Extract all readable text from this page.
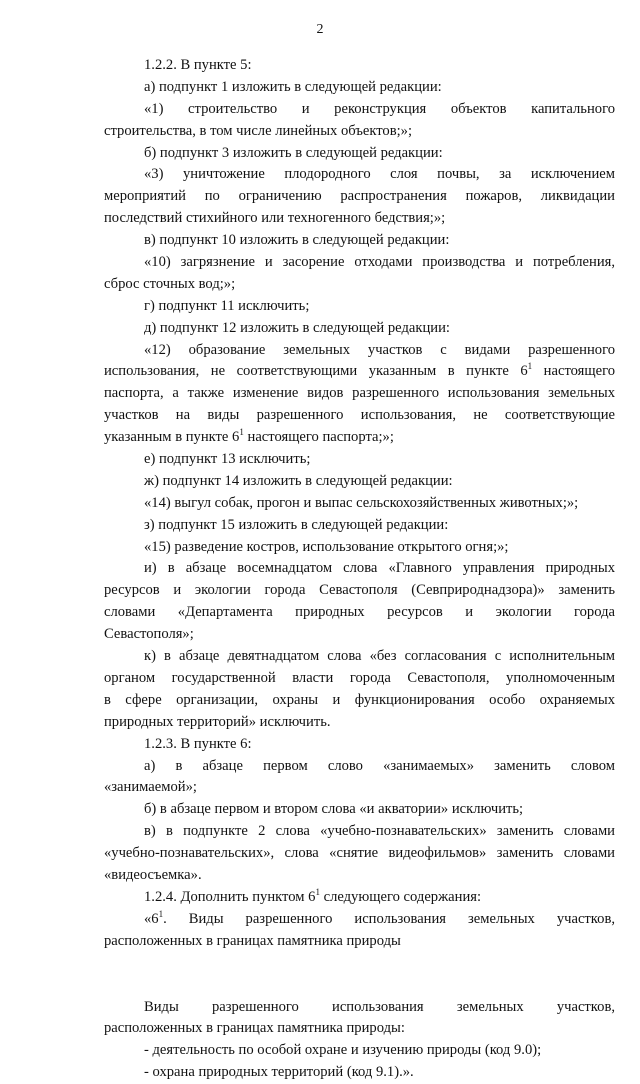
2
1.2.2. В пункте 5:
а) подпункт 1 изложить в следующей редакции:
«1) строительство и реконструкция объектов капитального
строительства, в том числе линейных объектов;»;
б) подпункт 3 изложить в следующей редакции:
«3) уничтожение плодородного слоя почвы, за исключением
мероприятий по ограничению распространения пожаров, ликвидации
последствий стихийного или техногенного бедствия;»;
в) подпункт 10 изложить в следующей редакции:
«10) загрязнение и засорение отходами производства и потребления,
сброс сточных вод;»;
г) подпункт 11 исключить;
д) подпункт 12 изложить в следующей редакции:
«12) образование земельных участков с видами разрешенного
использования, не соответствующими указанным в пункте $6^1$ настоящего
паспорта, а также изменение видов разрешенного использования земельных
участков на виды разрешенного использования, не соответствующие
указанным в пункте $6^1$ настоящего паспорта;»;
е) подпункт 13 исключить;
ж) подпункт 14 изложить в следующей редакции:
«14) выгул собак, прогон и выпас сельскохозяйственных животных;»;
з) подпункт 15 изложить в следующей редакции:
«15) разведение костров, использование открытого огня;»;
и) в абзаце восемнадцатом слова «Главного управления природных
ресурсов и экологии города Севастополя (Севприроднадзора)» заменить
словами «Департамента природных ресурсов и экологии города
Севастополя»;
к) в абзаце девятнадцатом слова «без согласования с исполнительным
органом государственной власти города Севастополя, уполномоченным
в сфере организации, охраны и функционирования особо охраняемых
природных территорий» исключить.
1.2.3. В пункте 6:
а) в абзаце первом слово «занимаемых» заменить словом
«занимаемой»;
б) в абзаце первом и втором слова «и акватории» исключить;
в) в подпункте 2 слова «учебно-познавательских» заменить словами
«учебно-познавательских», слова «снятие видеофильмов» заменить словами
«видеосъемка».
1.2.4. Дополнить пунктом $6^1$ следующего содержания:
«$6^1$. Виды разрешенного использования земельных участков,
расположенных в границах памятника природы
Виды разрешенного использования земельных участков,
расположенных в границах памятника природы:
- деятельность по особой охране и изучению природы (код 9.0);
- охрана природных территорий (код 9.1).».
